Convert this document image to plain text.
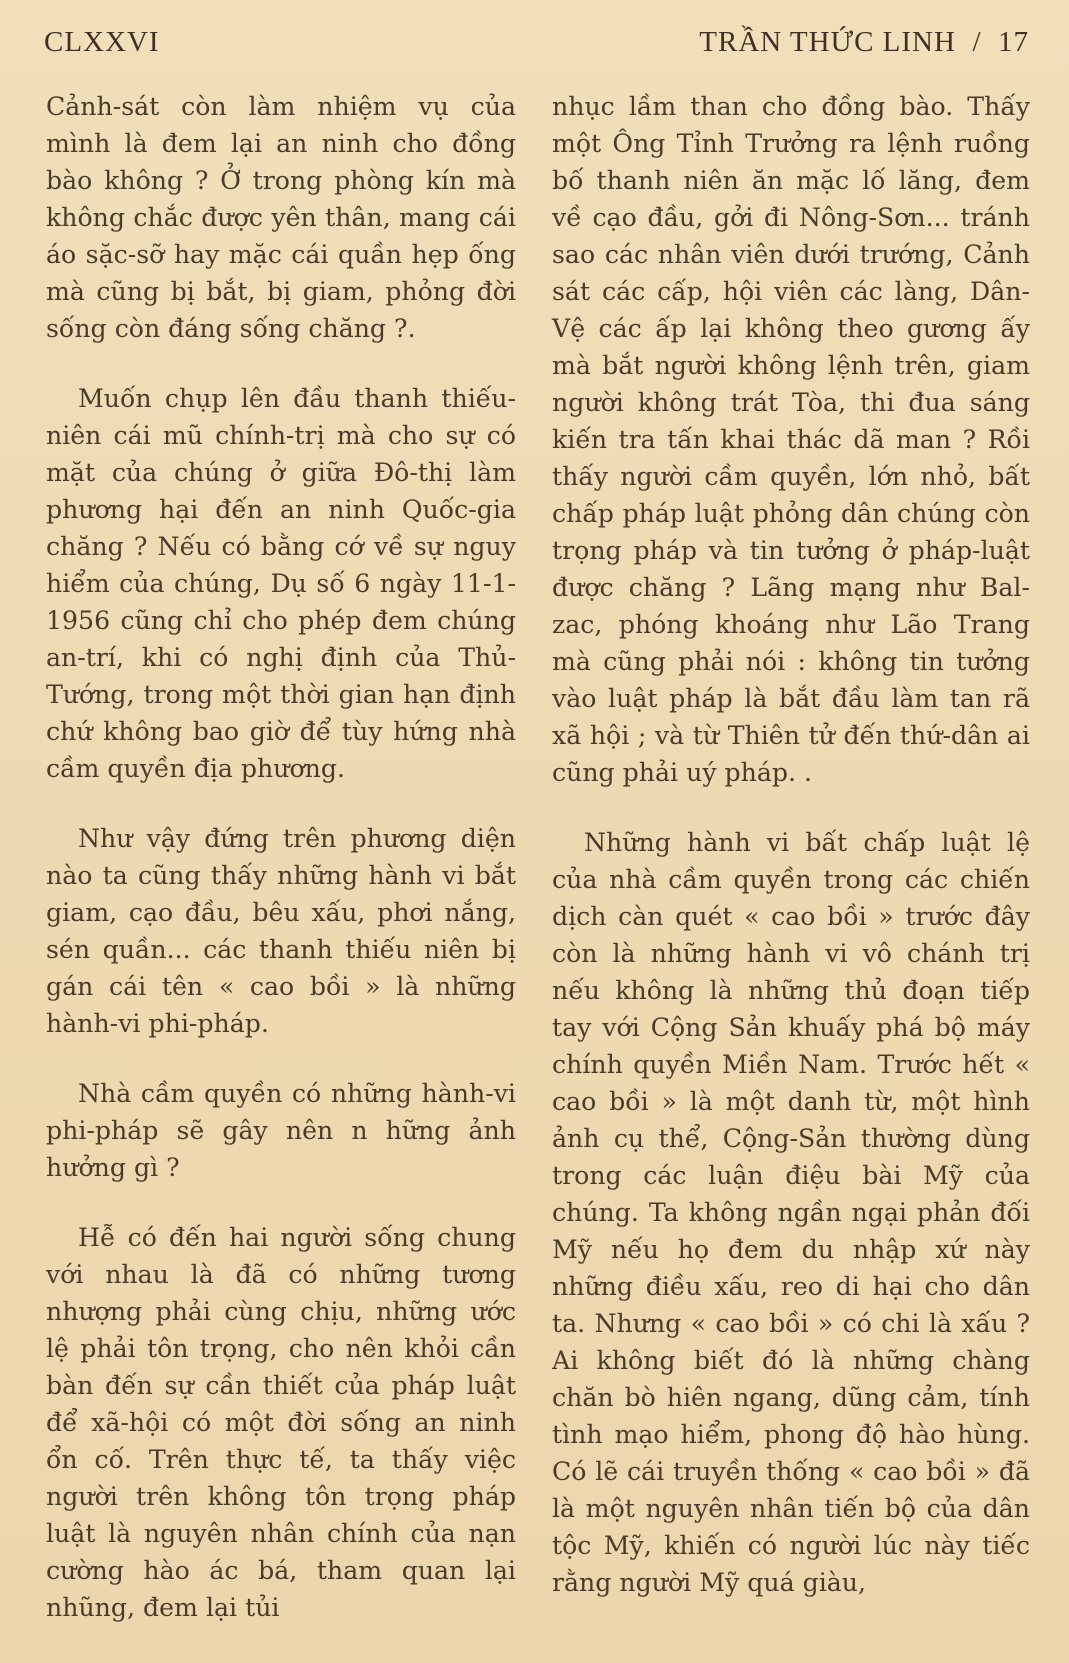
CLXXVI	TRẦN THỨC LINH  /  17

Cảnh-sát còn làm nhiệm vụ của mình là đem lại an ninh cho đồng bào không ? Ở trong phòng kín mà không chắc được yên thân, mang cái áo sặc-sỡ hay mặc cái quần hẹp ống mà cũng bị bắt, bị giam, phỏng đời sống còn đáng sống chăng ?.

Muốn chụp lên đầu thanh thiếu-niên cái mũ chính-trị mà cho sự có mặt của chúng ở giữa Đô-thị làm phương hại đến an ninh Quốc-gia chăng ? Nếu có bằng cớ về sự nguy hiểm của chúng, Dụ số 6 ngày 11-1-1956 cũng chỉ cho phép đem chúng an-trí, khi có nghị định của Thủ-Tướng, trong một thời gian hạn định chứ không bao giờ để tùy hứng nhà cầm quyền địa phương.

Như vậy đứng trên phương diện nào ta cũng thấy những hành vi bắt giam, cạo đầu, bêu xấu, phơi nắng, sén quần... các thanh thiếu niên bị gán cái tên « cao bồi » là những hành-vi phi-pháp.

Nhà cầm quyền có những hành-vi phi-pháp sẽ gây nên n hững ảnh hưởng gì ?

Hễ có đến hai người sống chung với nhau là đã có những tương nhượng phải cùng chịu, những ước lệ phải tôn trọng, cho nên khỏi cần bàn đến sự cần thiết của pháp luật để xã-hội có một đời sống an ninh ổn cố. Trên thực tế, ta thấy việc người trên không tôn trọng pháp luật là nguyên nhân chính của nạn cường hào ác bá, tham quan lại nhũng, đem lại tủi

nhục lầm than cho đồng bào. Thấy một Ông Tỉnh Trưởng ra lệnh ruồng bố thanh niên ăn mặc lố lăng, đem về cạo đầu, gởi đi Nông-Sơn... tránh sao các nhân viên dưới trướng, Cảnh sát các cấp, hội viên các làng, Dân-Vệ các ấp lại không theo gương ấy mà bắt người không lệnh trên, giam người không trát Tòa, thi đua sáng kiến tra tấn khai thác dã man ? Rồi thấy người cầm quyền, lớn nhỏ, bất chấp pháp luật phỏng dân chúng còn trọng pháp và tin tưởng ở pháp-luật được chăng ? Lãng mạng như Bal-zac, phóng khoáng như Lão Trang mà cũng phải nói : không tin tưởng vào luật pháp là bắt đầu làm tan rã xã hội ; và từ Thiên tử đến thứ-dân ai cũng phải uý pháp. .

Những hành vi bất chấp luật lệ của nhà cầm quyền trong các chiến dịch càn quét « cao bồi » trước đây còn là những hành vi vô chánh trị nếu không là những thủ đoạn tiếp tay với Cộng Sản khuấy phá bộ máy chính quyền Miền Nam. Trước hết « cao bồi » là một danh từ, một hình ảnh cụ thể, Cộng-Sản thường dùng trong các luận điệu bài Mỹ của chúng. Ta không ngần ngại phản đối Mỹ nếu họ đem du nhập xứ này những điều xấu, reo di hại cho dân ta. Nhưng « cao bồi » có chi là xấu ? Ai không biết đó là những chàng chăn bò hiên ngang, dũng cảm, tính tình mạo hiểm, phong độ hào hùng. Có lẽ cái truyền thống « cao bồi » đã là một nguyên nhân tiến bộ của dân tộc Mỹ, khiến có người lúc này tiếc rằng người Mỹ quá giàu,
